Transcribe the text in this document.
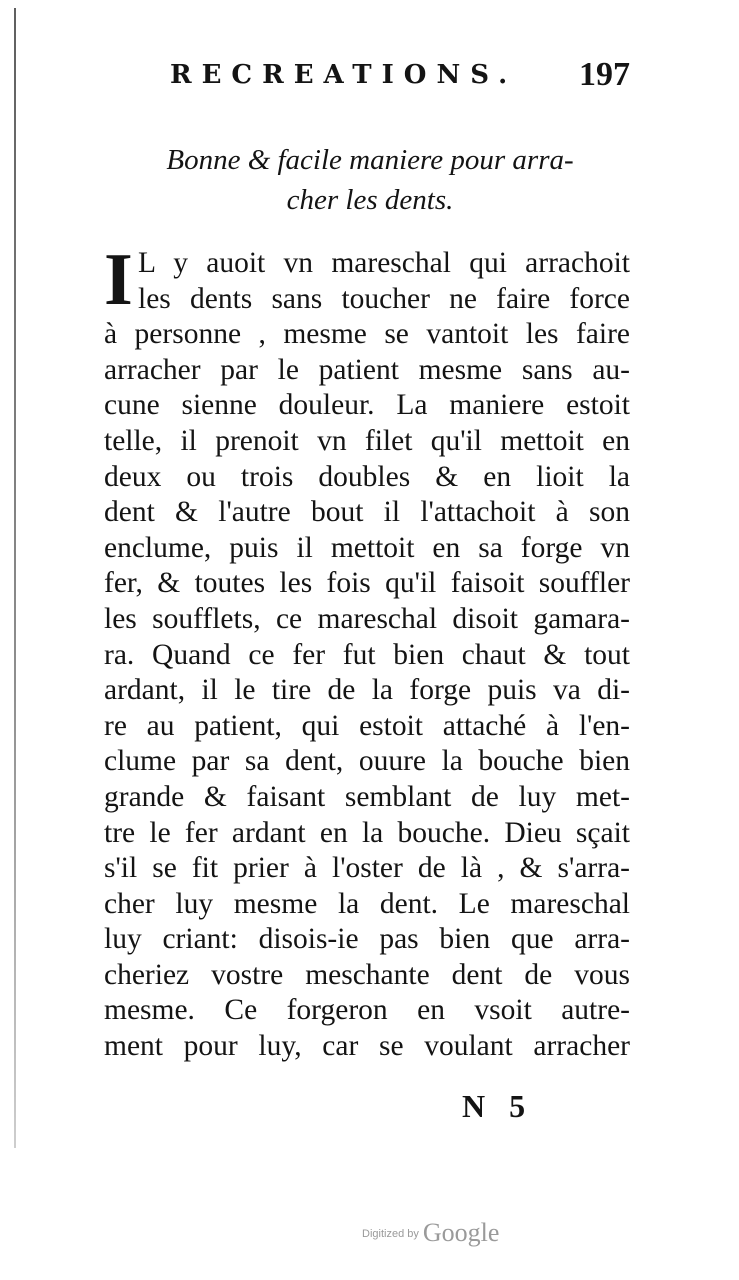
RECREATIONS. 197
Bonne & facile maniere pour arra-
cher les dents.
I L y auoit vn mareschal qui arrachoit
les dents sans toucher ne faire force
à personne , mesme se vantoit les faire
arracher par le patient mesme sans au-
cune sienne douleur. La maniere estoit
telle, il prenoit vn filet qu'il mettoit en
deux ou trois doubles & en lioit la
dent & l'autre bout il l'attachoit à son
enclume, puis il mettoit en sa forge vn
fer, & toutes les fois qu'il faisoit souffler
les soufflets, ce mareschal disoit gamara-
ra. Quand ce fer fut bien chaut & tout
ardant, il le tire de la forge puis va di-
re au patient, qui estoit attaché à l'en-
clume par sa dent, ouure la bouche bien
grande & faisant semblant de luy met-
tre le fer ardant en la bouche. Dieu sçait
s'il se fit prier à l'oster de là , & s'arra-
cher luy mesme la dent. Le mareschal
luy criant: disois-ie pas bien que arra-
cheriez vostre meschante dent de vous
mesme. Ce forgeron en vsoit autre-
ment pour luy, car se voulant arracher
N 5
$^{Digitized by}$ Google
